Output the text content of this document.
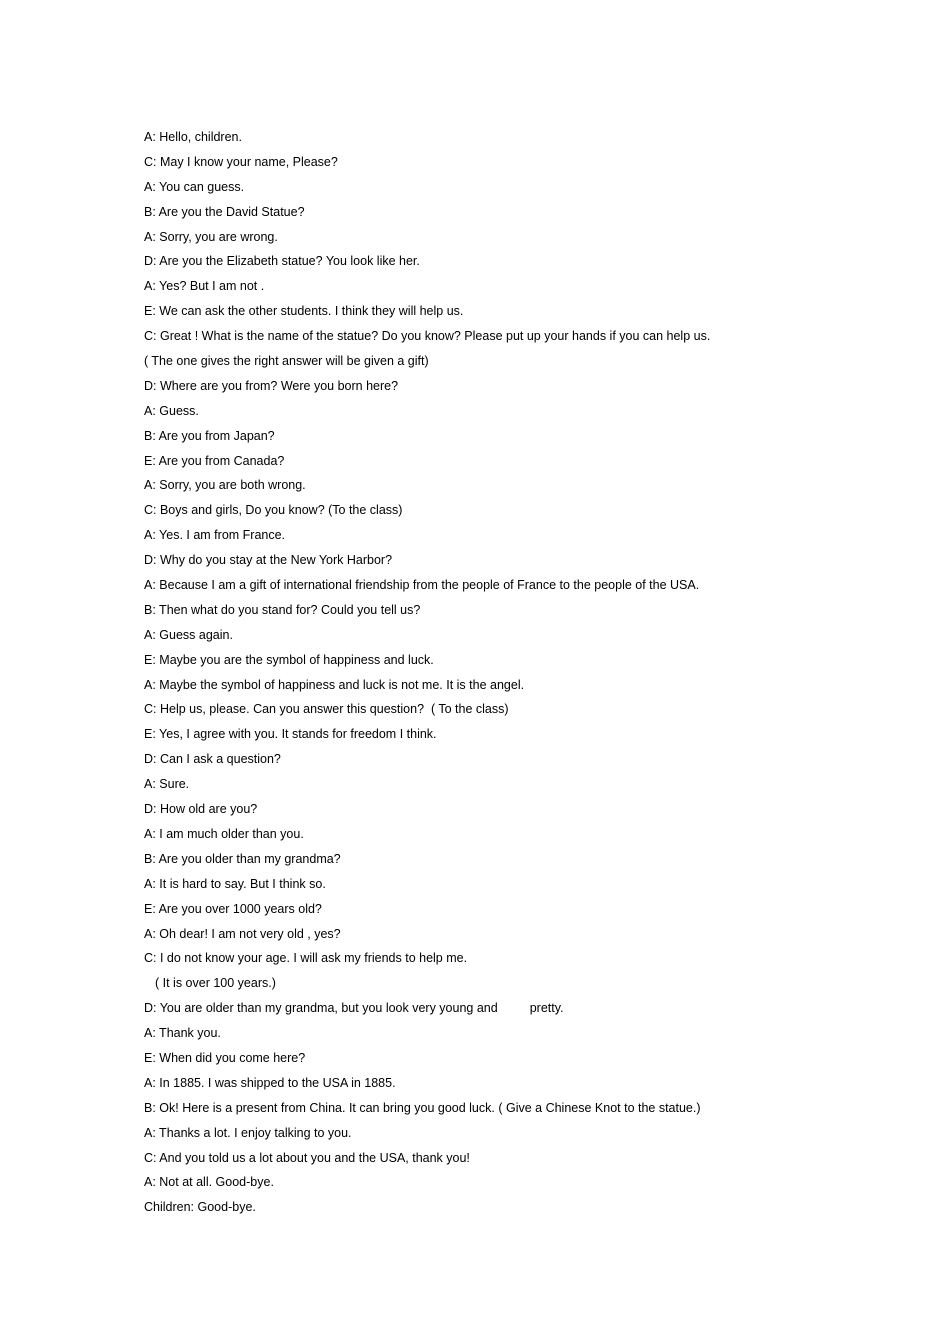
A: Hello, children.
C: May I know your name, Please?
A: You can guess.
B: Are you the David Statue?
A: Sorry, you are wrong.
D: Are you the Elizabeth statue? You look like her.
A: Yes? But I am not .
E: We can ask the other students. I think they will help us.
C: Great ! What is the name of the statue? Do you know? Please put up your hands if you can help us.
( The one gives the right answer will be given a gift)
D: Where are you from? Were you born here?
A: Guess.
B: Are you from Japan?
E: Are you from Canada?
A: Sorry, you are both wrong.
C: Boys and girls, Do you know? (To the class)
A: Yes. I am from France.
D: Why do you stay at the New York Harbor?
A: Because I am a gift of international friendship from the people of France to the people of the USA.
B: Then what do you stand for? Could you tell us?
A: Guess again.
E: Maybe you are the symbol of happiness and luck.
A: Maybe the symbol of happiness and luck is not me. It is the angel.
C: Help us, please. Can you answer this question?  ( To the class)
E: Yes, I agree with you. It stands for freedom I think.
D: Can I ask a question?
A: Sure.
D: How old are you?
A: I am much older than you.
B: Are you older than my grandma?
A: It is hard to say. But I think so.
E: Are you over 1000 years old?
A: Oh dear! I am not very old , yes?
C: I do not know your age. I will ask my friends to help me.
( It is over 100 years.)
D: You are older than my grandma, but you look very young and	pretty.
A: Thank you.
E: When did you come here?
A: In 1885. I was shipped to the USA in 1885.
B: Ok! Here is a present from China. It can bring you good luck. ( Give a Chinese Knot to the statue.)
A: Thanks a lot. I enjoy talking to you.
C: And you told us a lot about you and the USA, thank you!
A: Not at all. Good-bye.
Children: Good-bye.
